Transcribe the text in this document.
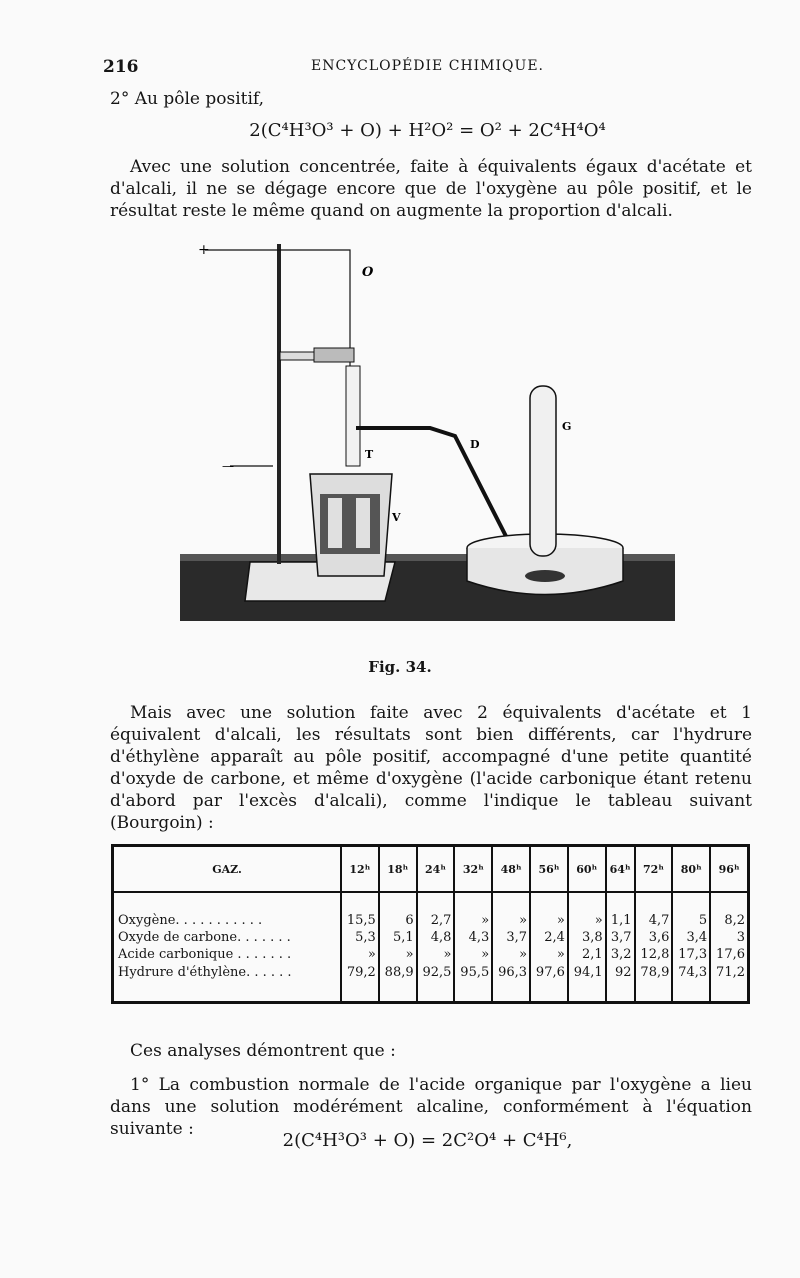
216	ENCYCLOPÉDIE CHIMIQUE.
2° Au pôle positif,
2(C⁴H³O³ + O) + H²O² = O² + 2C⁴H⁴O⁴
Avec une solution concentrée, faite à équivalents égaux d'acétate et d'alcali, il ne se dégage encore que de l'oxygène au pôle positif, et le résultat reste le même quand on augmente la proportion d'alcali.
+
—
O
T
V
D
G
Fig. 34.
Mais avec une solution faite avec 2 équivalents d'acétate et 1 équivalent d'alcali, les résultats sont bien différents, car l'hydrure d'éthylène apparaît au pôle positif, accompagné d'une petite quantité d'oxyde de carbone, et même d'oxygène (l'acide carbonique étant retenu d'abord par l'excès d'alcali), comme l'indique le tableau suivant (Bourgoin) :
GAZ.	12ʰ	18ʰ	24ʰ	32ʰ	48ʰ	56ʰ	60ʰ	64ʰ	72ʰ	80ʰ	96ʰ
Oxygène. . . . . . . . . . .	15,5	6	2,7	»	»	»	»	1,1	4,7	5	8,2
Oxyde de carbone. . . . . . .	5,3	5,1	4,8	4,3	3,7	2,4	3,8	3,7	3,6	3,4	3
Acide carbonique . . . . . . .	»	»	»	»	»	»	2,1	3,2	12,8	17,3	17,6
Hydrure d'éthylène. . . . . .	79,2	88,9	92,5	95,5	96,3	97,6	94,1	92	78,9	74,3	71,2
Ces analyses démontrent que :
1° La combustion normale de l'acide organique par l'oxygène a lieu dans une solution modérément alcaline, conformément à l'équation suivante :
2(C⁴H³O³ + O) = 2C²O⁴ + C⁴H⁶,
